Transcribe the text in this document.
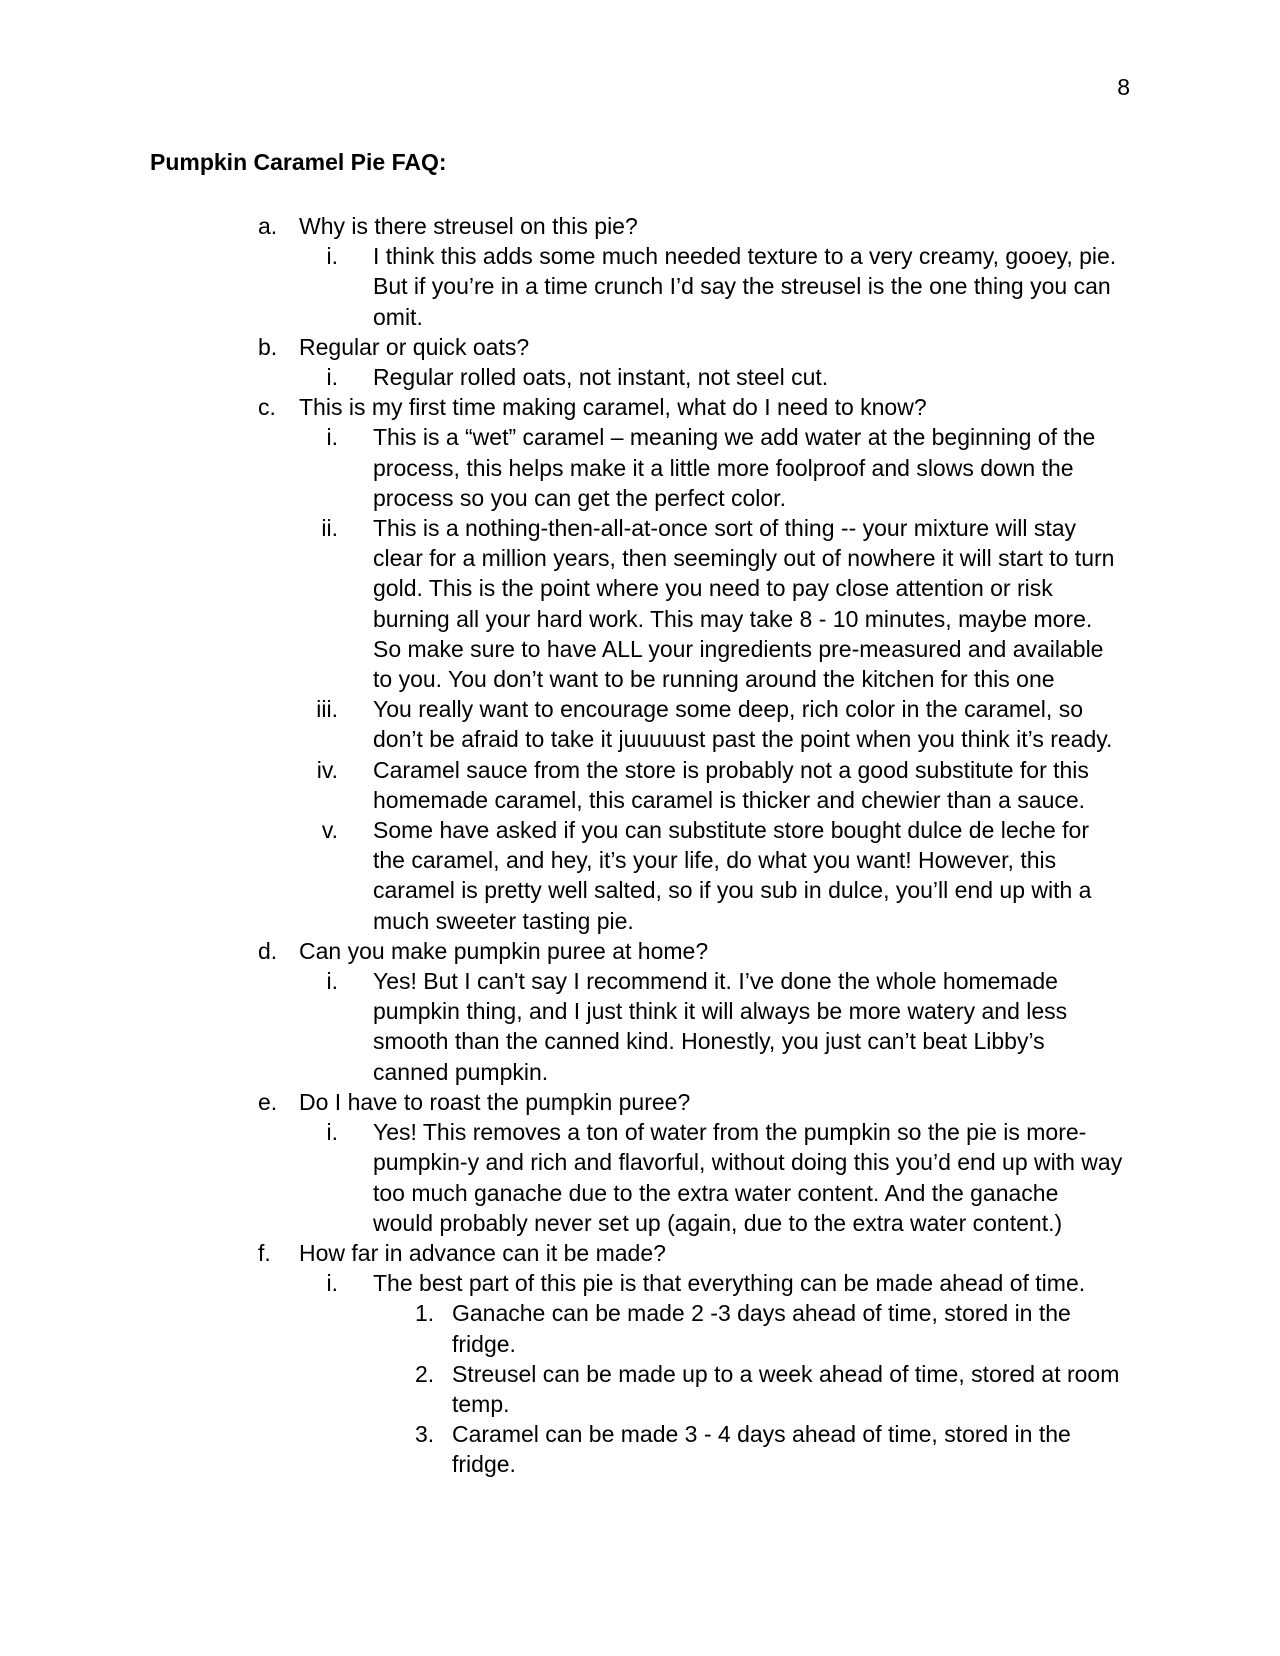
8
Pumpkin Caramel Pie FAQ:
a. Why is there streusel on this pie?
i. I think this adds some much needed texture to a very creamy, gooey, pie. But if you’re in a time crunch I’d say the streusel is the one thing you can omit.
b. Regular or quick oats?
i. Regular rolled oats, not instant, not steel cut.
c. This is my first time making caramel, what do I need to know?
i. This is a “wet” caramel – meaning we add water at the beginning of the process, this helps make it a little more foolproof and slows down the process so you can get the perfect color.
ii. This is a nothing-then-all-at-once sort of thing -- your mixture will stay clear for a million years, then seemingly out of nowhere it will start to turn gold. This is the point where you need to pay close attention or risk burning all your hard work. This may take 8 - 10 minutes, maybe more. So make sure to have ALL your ingredients pre-measured and available to you. You don’t want to be running around the kitchen for this one
iii. You really want to encourage some deep, rich color in the caramel, so don’t be afraid to take it juuuuust past the point when you think it’s ready.
iv. Caramel sauce from the store is probably not a good substitute for this homemade caramel, this caramel is thicker and chewier than a sauce.
v. Some have asked if you can substitute store bought dulce de leche for the caramel, and hey, it’s your life, do what you want! However, this caramel is pretty well salted, so if you sub in dulce, you’ll end up with a much sweeter tasting pie.
d. Can you make pumpkin puree at home?
i. Yes! But I can't say I recommend it. I’ve done the whole homemade pumpkin thing, and I just think it will always be more watery and less smooth than the canned kind. Honestly, you just can’t beat Libby’s canned pumpkin.
e. Do I have to roast the pumpkin puree?
i. Yes! This removes a ton of water from the pumpkin so the pie is more-pumpkin-y and rich and flavorful, without doing this you’d end up with way too much ganache due to the extra water content. And the ganache would probably never set up (again, due to the extra water content.)
f. How far in advance can it be made?
i. The best part of this pie is that everything can be made ahead of time.
1. Ganache can be made 2 -3 days ahead of time, stored in the fridge.
2. Streusel can be made up to a week ahead of time, stored at room temp.
3. Caramel can be made 3 - 4 days ahead of time, stored in the fridge.
